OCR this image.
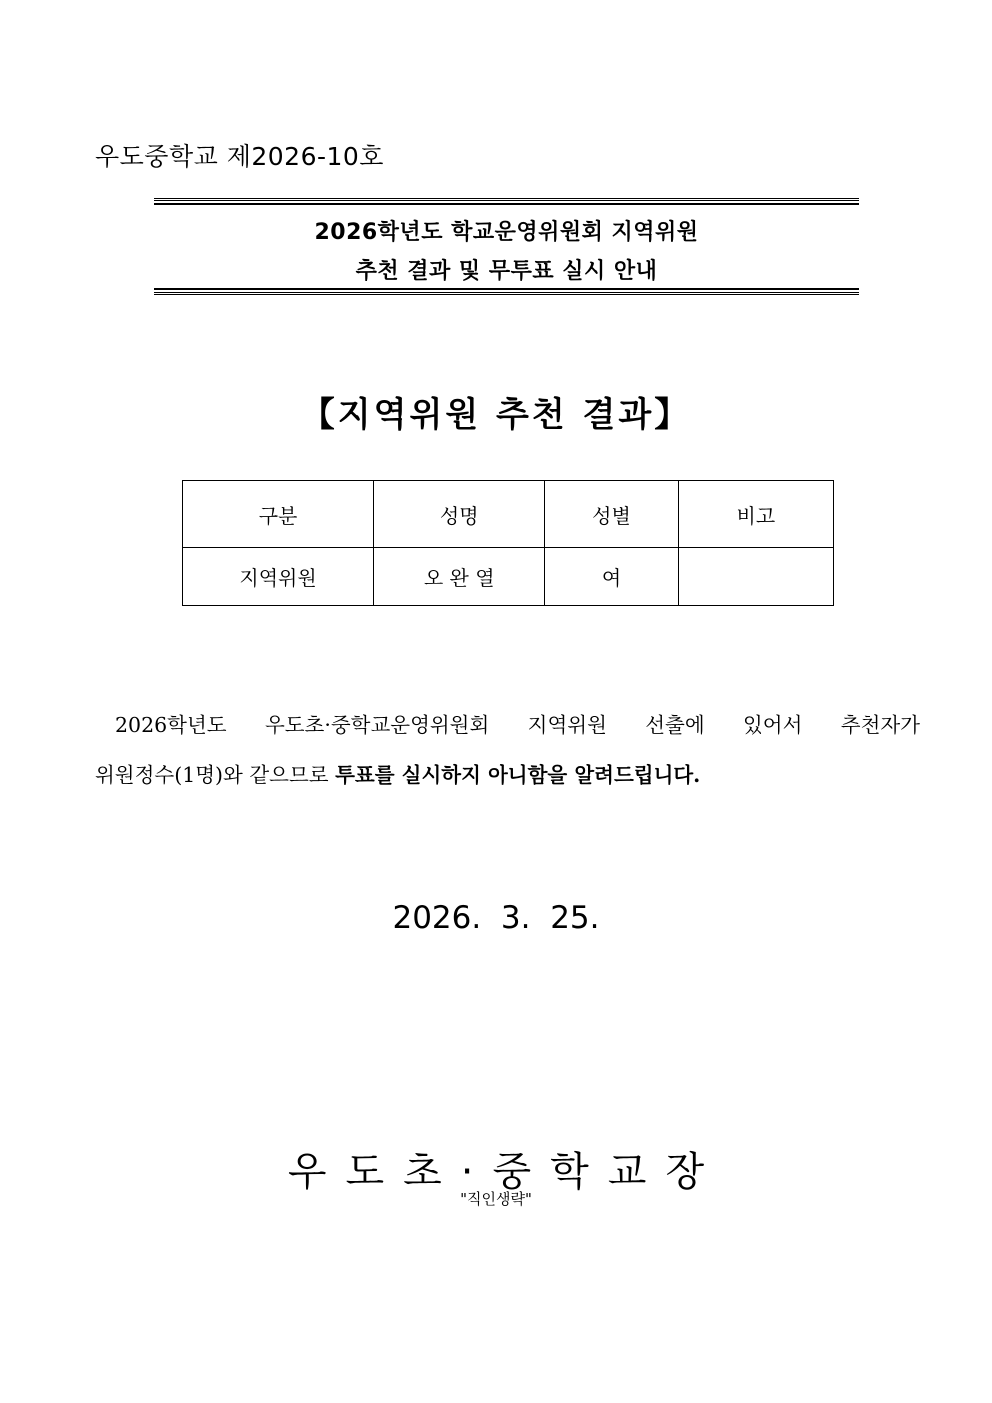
우도중학교 제2026-10호
2026학년도 학교운영위원회 지역위원
추천 결과 및 무투표 실시 안내
【지역위원 추천 결과】
구분	성명	성별	비고
지역위원	오 완 열	여	
2026학년도 우도초·중학교운영위원회 지역위원 선출에 있어서 추천자가
위원정수(1명)와 같으므로 투표를 실시하지 아니함을 알려드립니다.
2026.  3.  25.
우도초·중학교장
"직인생략"
